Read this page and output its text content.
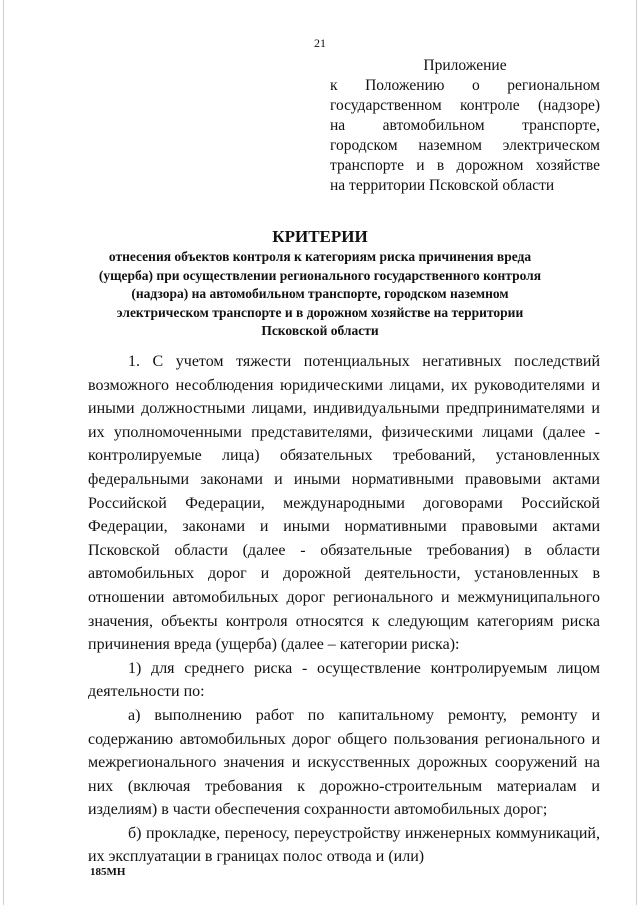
21
Приложение
к Положению о региональном
государственном контроле (надзоре)
на автомобильном транспорте,
городском наземном электрическом
транспорте и в дорожном хозяйстве
на территории Псковской области
КРИТЕРИИ
отнесения объектов контроля к категориям риска причинения вреда
(ущерба) при осуществлении регионального государственного контроля
(надзора) на автомобильном транспорте, городском наземном
электрическом транспорте и в дорожном хозяйстве на территории
Псковской области

1. С учетом тяжести потенциальных негативных последствий возможного несоблюдения юридическими лицами, их руководителями и иными должностными лицами, индивидуальными предпринимателями и их уполномоченными представителями, физическими лицами (далее - контролируемые лица) обязательных требований, установленных федеральными законами и иными нормативными правовыми актами Российской Федерации, международными договорами Российской Федерации, законами и иными нормативными правовыми актами Псковской области (далее - обязательные требования) в области автомобильных дорог и дорожной деятельности, установленных в отношении автомобильных дорог регионального и межмуниципального значения, объекты контроля относятся к следующим категориям риска причинения вреда (ущерба) (далее – категории риска):

1) для среднего риска - осуществление контролируемым лицом деятельности по:

а) выполнению работ по капитальному ремонту, ремонту и содержанию автомобильных дорог общего пользования регионального и межрегионального значения и искусственных дорожных сооружений на них (включая требования к дорожно-строительным материалам и изделиям) в части обеспечения сохранности автомобильных дорог;

б) прокладке, переносу, переустройству инженерных коммуникаций, их эксплуатации в границах полос отвода и (или)

185МН
